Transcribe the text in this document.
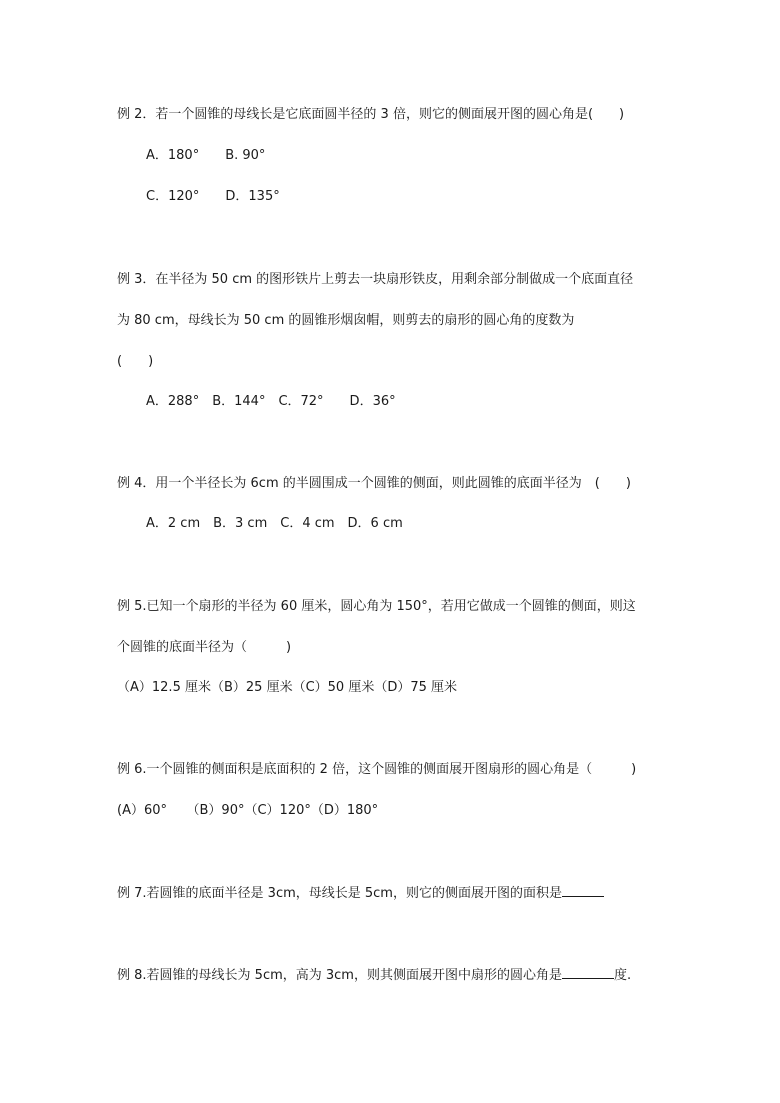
例 2．若一个圆锥的母线长是它底面圆半径的 3 倍，则它的侧面展开图的圆心角是(　　)
A．180°　　B. 90°
C．120°　　D．135°
例 3．在半径为 50 cm 的图形铁片上剪去一块扇形铁皮，用剩余部分制做成一个底面直径
为 80 cm，母线长为 50 cm 的圆锥形烟囱帽，则剪去的扇形的圆心角的度数为
(　　)
A．288°　B．144°　C．72°　　D．36°
例 4．用一个半径长为 6cm 的半圆围成一个圆锥的侧面，则此圆锥的底面半径为　(　　)
A．2 cm　B．3 cm　C．4 cm　D．6 cm
例 5.已知一个扇形的半径为 60 厘米，圆心角为 150°，若用它做成一个圆锥的侧面，则这
个圆锥的底面半径为（　　　)
（A）12.5 厘米（B）25 厘米（C）50 厘米（D）75 厘米
例 6.一个圆锥的侧面积是底面积的 2 倍，这个圆锥的侧面展开图扇形的圆心角是（　　　)
(A）60°　　（B）90°（C）120°（D）180°
例 7.若圆锥的底面半径是 3cm，母线长是 5cm，则它的侧面展开图的面积是
例 8.若圆锥的母线长为 5cm，高为 3cm，则其侧面展开图中扇形的圆心角是	度.
